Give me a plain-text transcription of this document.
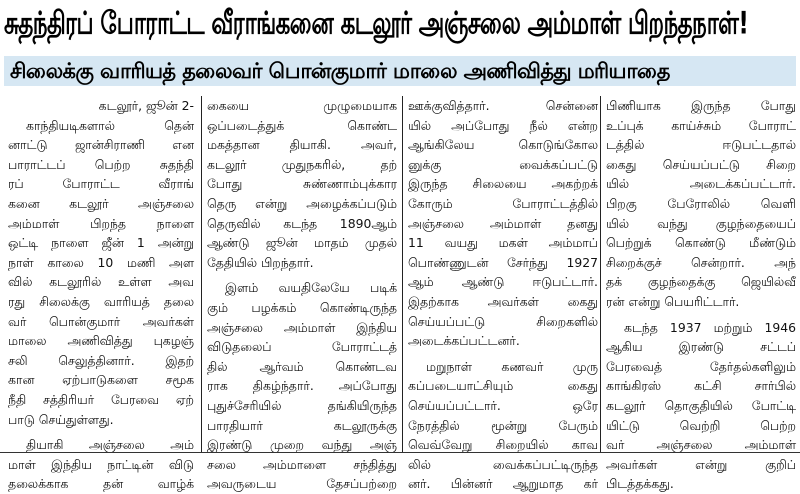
சுதந்திரப் போராட்ட வீராங்கனை கடலூர் அஞ்சலை அம்மாள் பிறந்தநாள்!
சிலைக்கு வாரியத் தலைவர் பொன்குமார் மாலை அணிவித்து மரியாதை
கடலூர், ஜூன் 2-
காந்தியடிகளால் தென்
னாட்டு ஜான்சிராணி என
பாராட்டப் பெற்ற சுதந்தி
ரப் போராட்ட வீராங்
கனை கடலூர் அஞ்சலை
அம்மாள் பிறந்த நாளை
ஒட்டி நாளை ஜீன் 1 அன்று
நாள் காலை 10 மணி அள
வில் கடலூரில் உள்ள அவ
ரது சிலைக்கு வாரியத் தலை
வர் பொன்குமார் அவர்கள்
மாலை அணிவித்து புகழஞ்
சலி செலுத்தினார். இதற்
கான ஏற்பாடுகளை சமூக
நீதி சத்திரியர் பேரவை ஏற்
பாடு செய்துள்ளது.
தியாகி அஞ்சலை அம்
மாள் இந்திய நாட்டின் விடு
தலைக்காக தன் வாழ்க்
கையை முழுமையாக
ஒப்படைத்துக் கொண்ட
மகத்தான தியாகி. அவர்,
கடலூர் முதுநகரில், தற்
போது சுண்ணாம்புக்கார
தெரு என்று அழைக்கப்படும்
தெருவில் கடந்த 1890ஆம்
ஆண்டு ஜூன் மாதம் முதல்
தேதியில் பிறந்தார்.
இளம் வயதிலேயே படிக்
கும் பழக்கம் கொண்டிருந்த
அஞ்சலை அம்மாள் இந்திய
விடுதலைப் போராட்டத்
தில் ஆர்வம் கொண்டவ
ராக திகழ்ந்தார். அப்போது
புதுச்சேரியில் தங்கியிருந்த
பாரதியார் கடலூருக்கு
இரண்டு முறை வந்து அஞ்
சலை அம்மாளை சந்தித்து
அவருடைய தேசப்பற்றை
ஊக்குவித்தார். சென்னை
யில் அப்போது நீல் என்ற
ஆங்கிலேய கொடுங்கோல
னுக்கு வைக்கப்பட்டு
இருந்த சிலையை அகற்றக்
கோரும் போராட்டத்தில்
அஞ்சலை அம்மாள் தனது
11 வயது மகள் அம்மாப்
பொண்ணுடன் சேர்ந்து 1927
ஆம் ஆண்டு ஈடுபட்டார்.
இதற்காக அவர்கள் கைது
செய்யப்பட்டு சிறைகளில்
அடைக்கப்பட்டனர்.
மறுநாள் கணவர் முரு
கப்படையாட்சியும் கைது
செய்யப்பட்டார். ஒரே
நேரத்தில் மூன்று பேரும்
வெவ்வேறு சிறையில் காவ
லில் வைக்கப்பட்டிருந்த
னர். பின்னர் ஆறுமாத கர்
பிணியாக இருந்த போது
உப்புக் காய்ச்சும் போராட்
டத்தில் ஈடுபட்டதால்
கைது செய்யப்பட்டு சிறை
யில் அடைக்கப்பட்டார்.
பிறகு பேரோலில் வெளி
யில் வந்து குழந்தையைப்
பெற்றுக் கொண்டு மீண்டும்
சிறைக்குச் சென்றார். அந்
தக் குழந்தைக்கு ஜெயில்வீ
ரன் என்று பெயரிட்டார்.
கடந்த 1937 மற்றும் 1946
ஆகிய இரண்டு சட்டப்
பேரவைத் தேர்தல்களிலும்
காங்கிரஸ் கட்சி சார்பில்
கடலூர் தொகுதியில் போட்டி
யிட்டு வெற்றி பெற்ற
வர் அஞ்சலை அம்மாள்
அவர்கள் என்று குறிப்
பிடத்தக்கது.
